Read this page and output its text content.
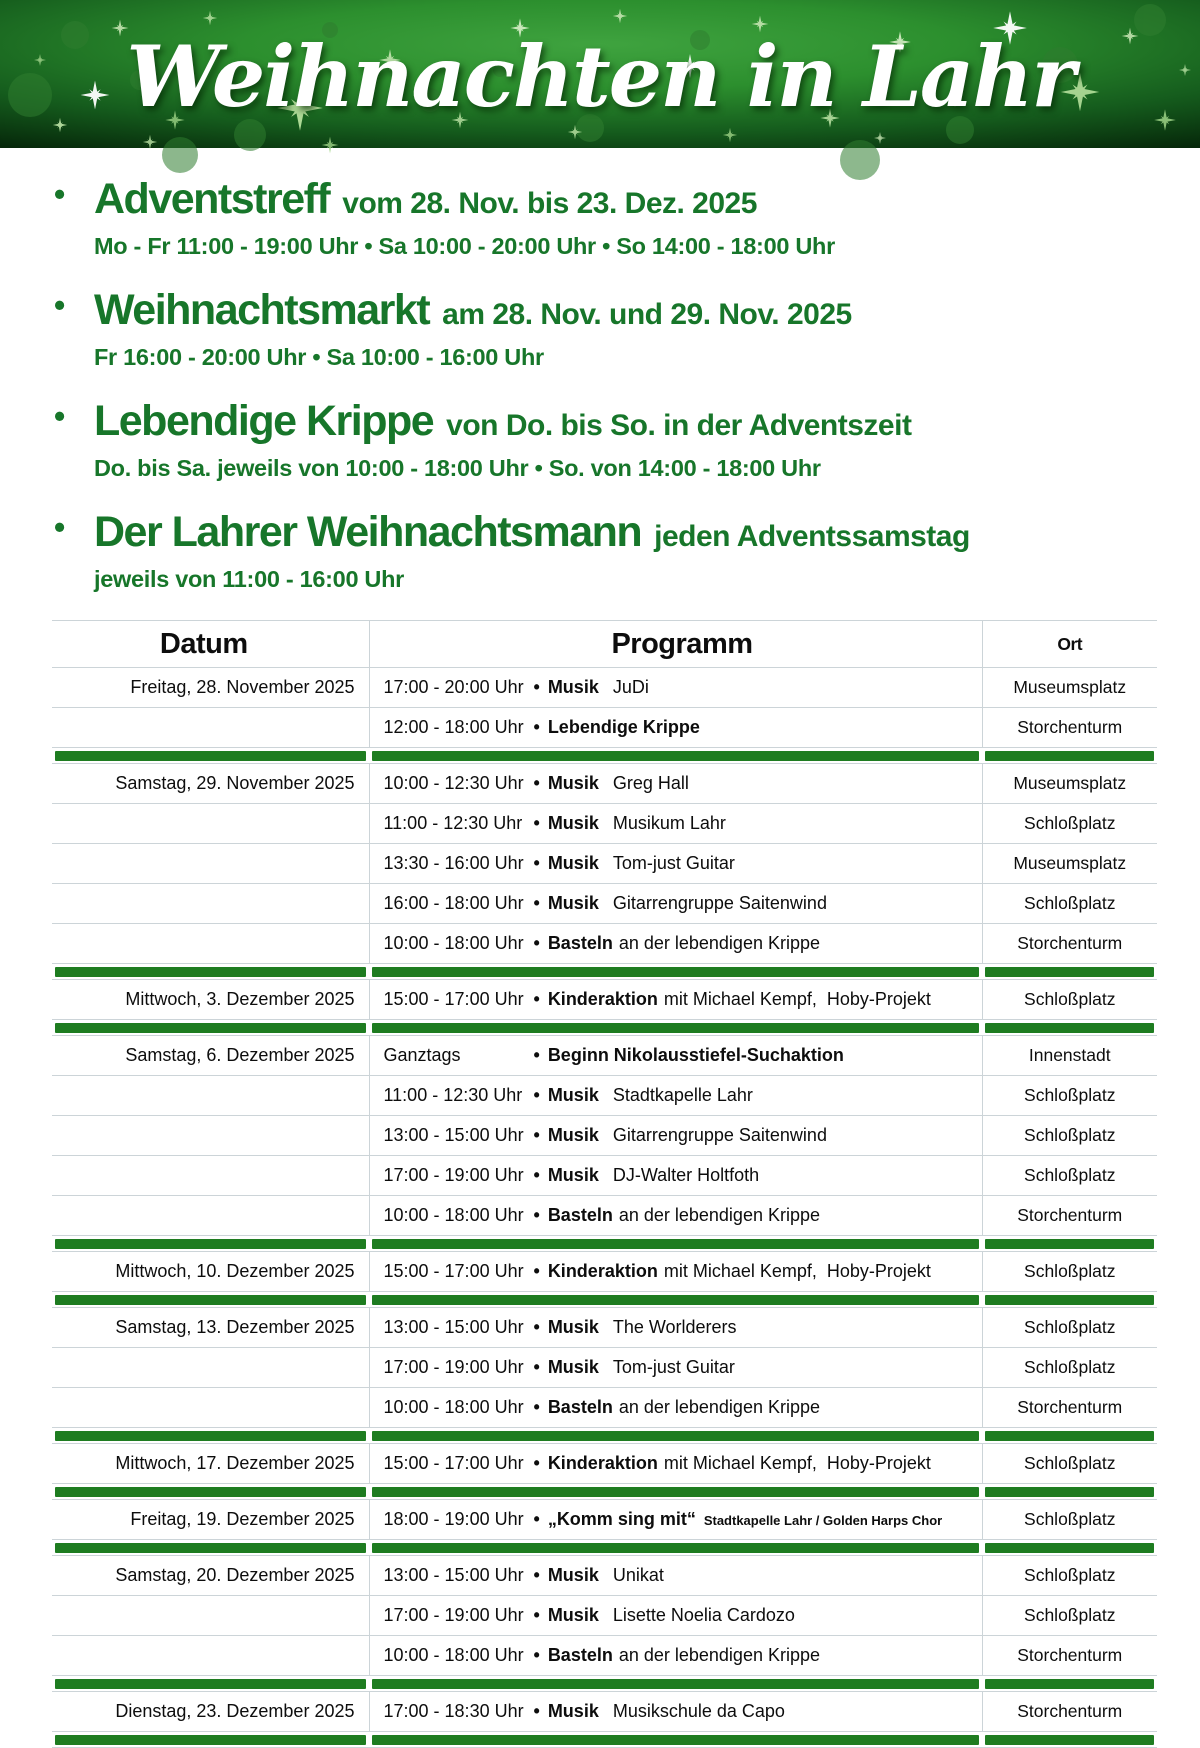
Weihnachten in Lahr
• Adventstreff vom 28. Nov. bis 23. Dez. 2025
Mo - Fr 11:00 - 19:00 Uhr • Sa 10:00 - 20:00 Uhr • So 14:00 - 18:00 Uhr
• Weihnachtsmarkt am 28. Nov. und 29. Nov. 2025
Fr 16:00 - 20:00 Uhr • Sa 10:00 - 16:00 Uhr
• Lebendige Krippe von Do. bis So. in der Adventszeit
Do. bis Sa. jeweils von 10:00 - 18:00 Uhr • So. von 14:00 - 18:00 Uhr
• Der Lahrer Weihnachtsmann jeden Adventssamstag
jeweils von 11:00 - 16:00 Uhr
Datum	Programm	Ort
Freitag, 28. November 2025	17:00 - 20:00 Uhr • Musik JuDi	Museumsplatz
	12:00 - 18:00 Uhr • Lebendige Krippe	Storchenturm

Samstag, 29. November 2025	10:00 - 12:30 Uhr • Musik Greg Hall	Museumsplatz
	11:00 - 12:30 Uhr • Musik Musikum Lahr	Schloßplatz
	13:30 - 16:00 Uhr • Musik Tom-just Guitar	Museumsplatz
	16:00 - 18:00 Uhr • Musik Gitarrengruppe Saitenwind	Schloßplatz
	10:00 - 18:00 Uhr • Basteln an der lebendigen Krippe	Storchenturm

Mittwoch, 3. Dezember 2025	15:00 - 17:00 Uhr • Kinderaktion mit Michael Kempf,  Hoby-Projekt	Schloßplatz

Samstag, 6. Dezember 2025	Ganztags • Beginn Nikolausstiefel-Suchaktion	Innenstadt
	11:00 - 12:30 Uhr • Musik Stadtkapelle Lahr	Schloßplatz
	13:00 - 15:00 Uhr • Musik Gitarrengruppe Saitenwind	Schloßplatz
	17:00 - 19:00 Uhr • Musik DJ-Walter Holtfoth	Schloßplatz
	10:00 - 18:00 Uhr • Basteln an der lebendigen Krippe	Storchenturm

Mittwoch, 10. Dezember 2025	15:00 - 17:00 Uhr • Kinderaktion mit Michael Kempf,  Hoby-Projekt	Schloßplatz

Samstag, 13. Dezember 2025	13:00 - 15:00 Uhr • Musik The Worlderers	Schloßplatz
	17:00 - 19:00 Uhr • Musik Tom-just Guitar	Schloßplatz
	10:00 - 18:00 Uhr • Basteln an der lebendigen Krippe	Storchenturm

Mittwoch, 17. Dezember 2025	15:00 - 17:00 Uhr • Kinderaktion mit Michael Kempf,  Hoby-Projekt	Schloßplatz

Freitag, 19. Dezember 2025	18:00 - 19:00 Uhr • „Komm sing mit“ Stadtkapelle Lahr / Golden Harps Chor	Schloßplatz

Samstag, 20. Dezember 2025	13:00 - 15:00 Uhr • Musik Unikat	Schloßplatz
	17:00 - 19:00 Uhr • Musik Lisette Noelia Cardozo	Schloßplatz
	10:00 - 18:00 Uhr • Basteln an der lebendigen Krippe	Storchenturm

Dienstag, 23. Dezember 2025	17:00 - 18:30 Uhr • Musik Musikschule da Capo	Storchenturm
